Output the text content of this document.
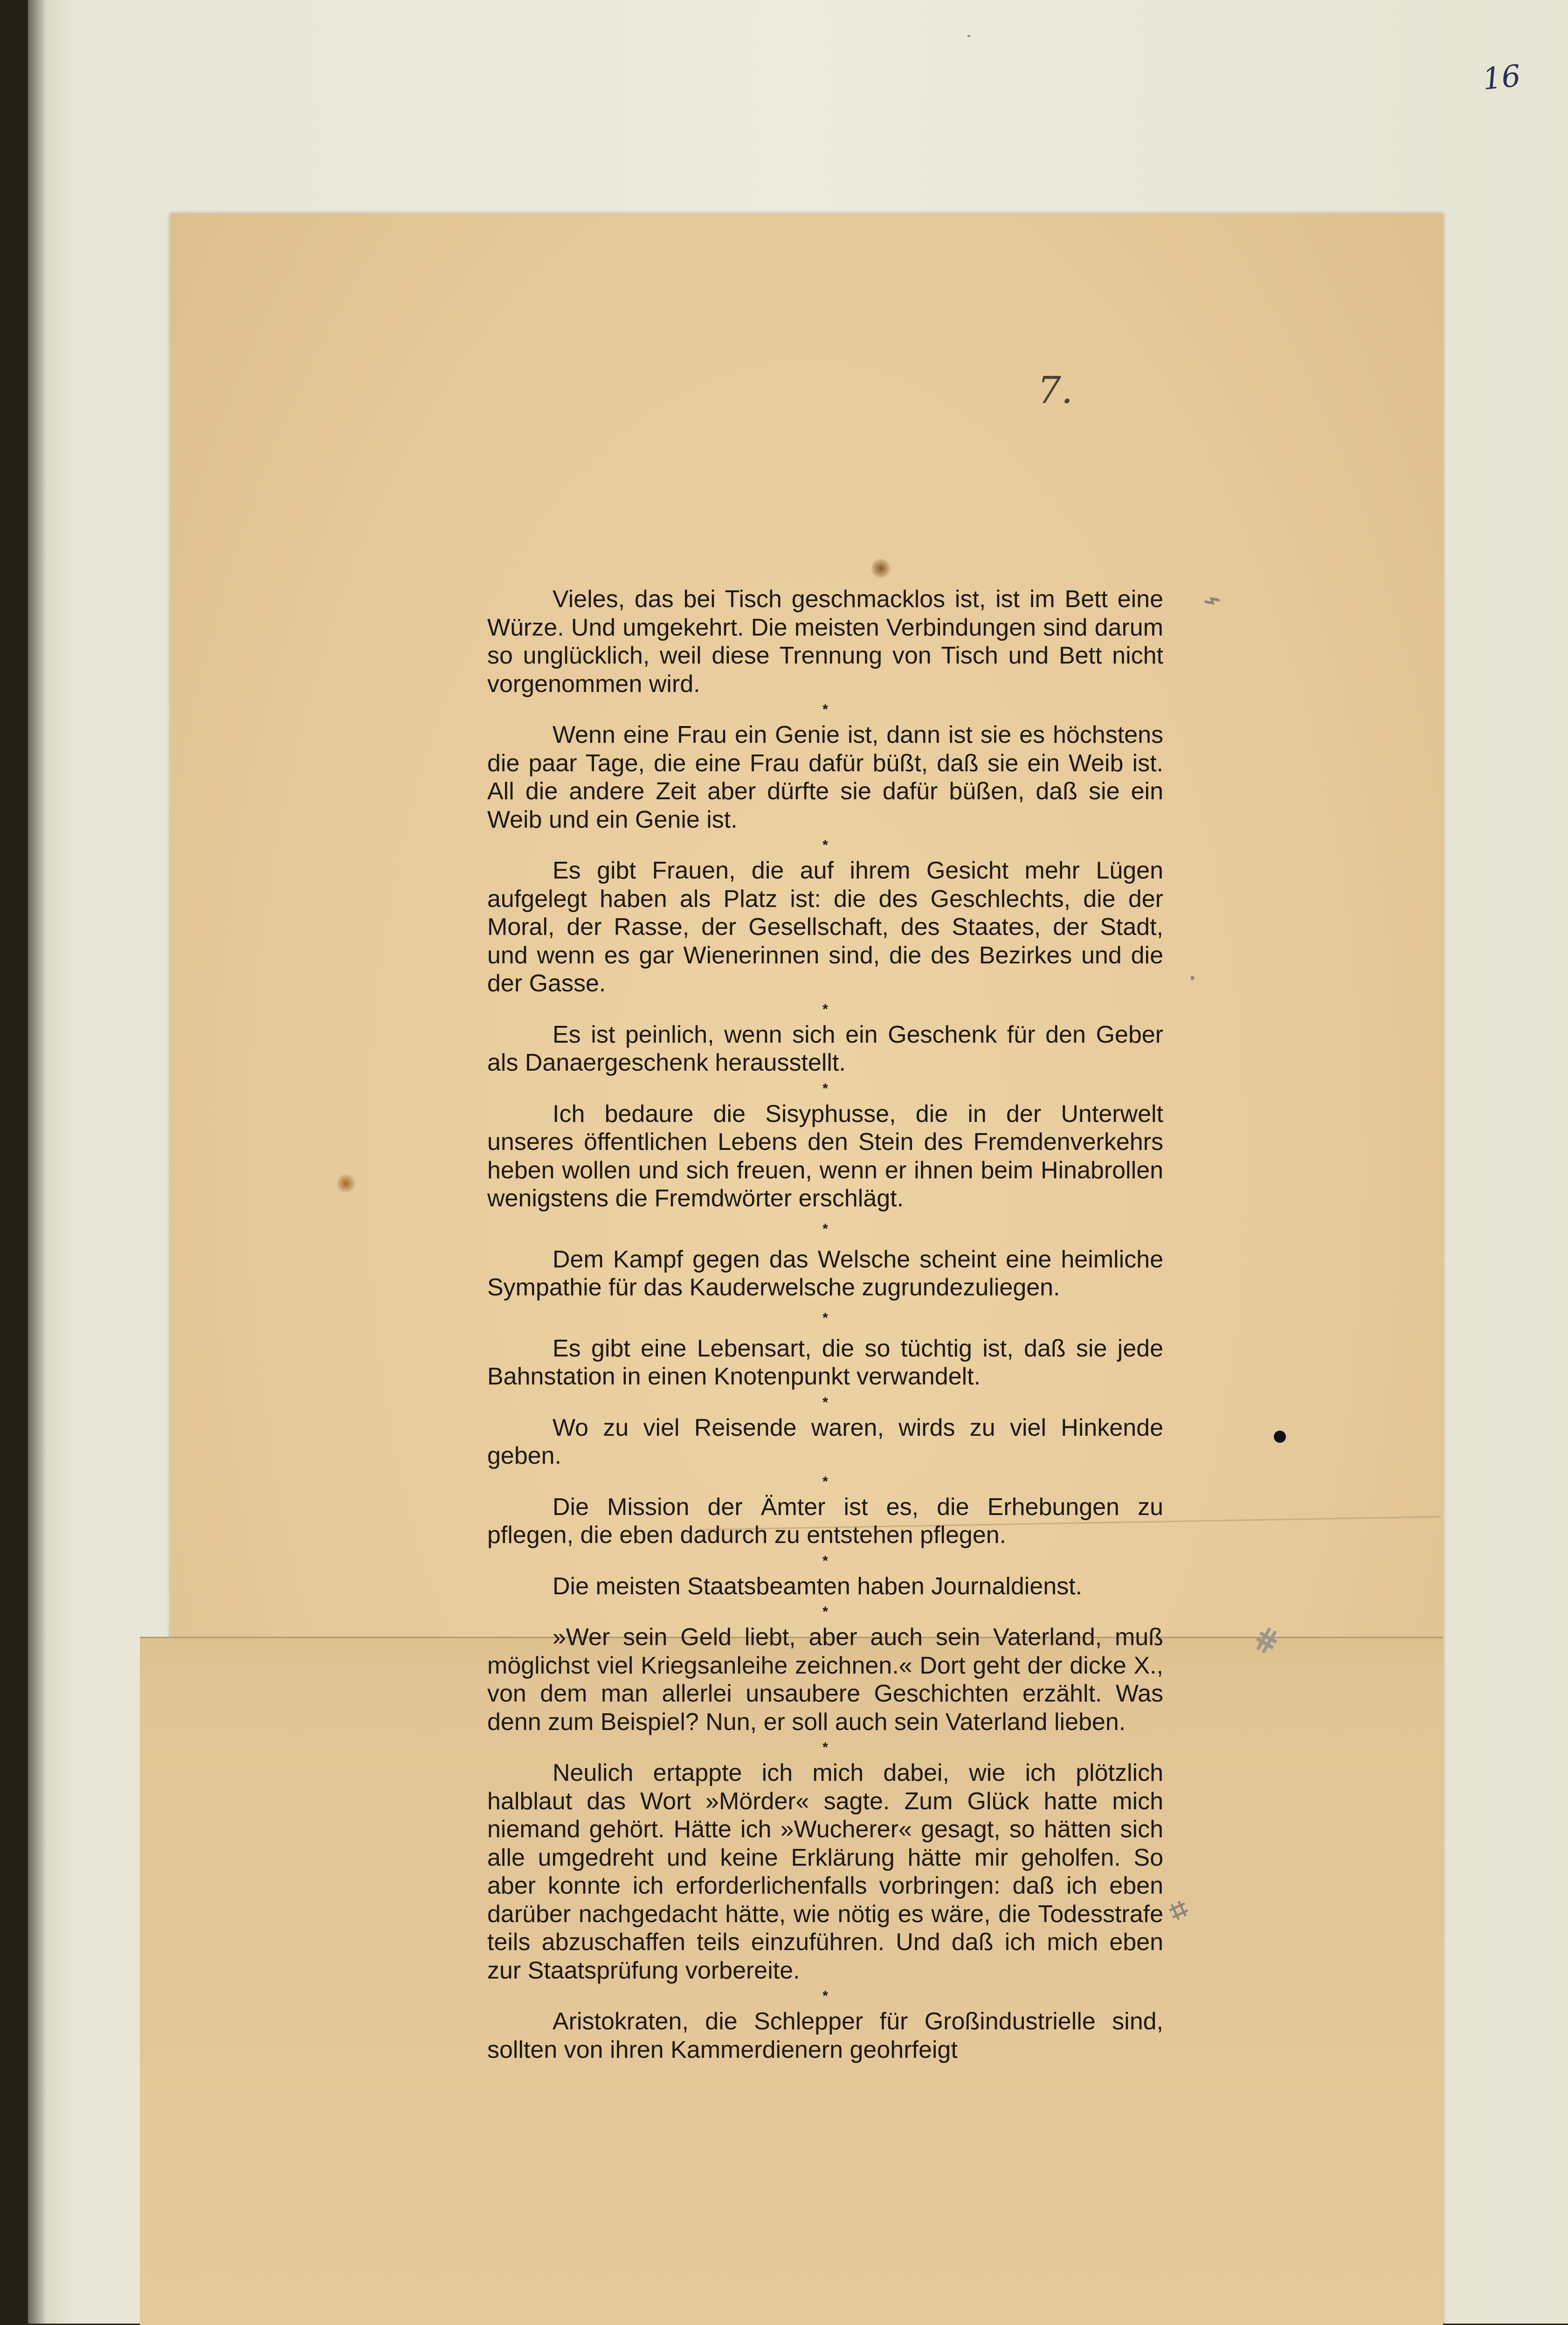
16
⌁
·
⋕
⌗
7.

Vieles, das bei Tisch geschmacklos ist, ist im Bett eine Würze. Und umgekehrt. Die meisten Verbindungen sind darum so unglücklich, weil diese Trennung von Tisch und Bett nicht vorgenommen wird.

*

Wenn eine Frau ein Genie ist, dann ist sie es höchstens die paar Tage, die eine Frau dafür büßt, daß sie ein Weib ist. All die andere Zeit aber dürfte sie dafür büßen, daß sie ein Weib und ein Genie ist.

*

Es gibt Frauen, die auf ihrem Gesicht mehr Lügen aufgelegt haben als Platz ist: die des Geschlechts, die der Moral, der Rasse, der Gesellschaft, des Staates, der Stadt, und wenn es gar Wienerinnen sind, die des Bezirkes und die der Gasse.

*

Es ist peinlich, wenn sich ein Geschenk für den Geber als Danaergeschenk herausstellt.

*

Ich bedaure die Sisyphusse, die in der Unterwelt unseres öffentlichen Lebens den Stein des Fremdenverkehrs heben wollen und sich freuen, wenn er ihnen beim Hinabrollen wenigstens die Fremdwörter erschlägt.

*

Dem Kampf gegen das Welsche scheint eine heimliche Sympathie für das Kauderwelsche zugrundezuliegen.

*

Es gibt eine Lebensart, die so tüchtig ist, daß sie jede Bahnstation in einen Knotenpunkt verwandelt.

*

Wo zu viel Reisende waren, wirds zu viel Hinkende geben.

*

Die Mission der Ämter ist es, die Erhebungen zu pflegen, die eben dadurch zu entstehen pflegen.

*

Die meisten Staatsbeamten haben Journaldienst.

*

»Wer sein Geld liebt, aber auch sein Vaterland, muß möglichst viel Kriegsanleihe zeichnen.« Dort geht der dicke X., von dem man allerlei unsaubere Geschichten erzählt. Was denn zum Beispiel? Nun, er soll auch sein Vaterland lieben.

*

Neulich ertappte ich mich dabei, wie ich plötzlich halblaut das Wort »Mörder« sagte. Zum Glück hatte mich niemand gehört. Hätte ich »Wucherer« gesagt, so hätten sich alle umgedreht und keine Erklärung hätte mir geholfen. So aber konnte ich erforderlichenfalls vorbringen: daß ich eben darüber nachgedacht hätte, wie nötig es wäre, die Todesstrafe teils abzuschaffen teils einzuführen. Und daß ich mich eben zur Staatsprüfung vorbereite.

*

Aristokraten, die Schlepper für Großindustrielle sind, sollten von ihren Kammerdienern geohrfeigt
